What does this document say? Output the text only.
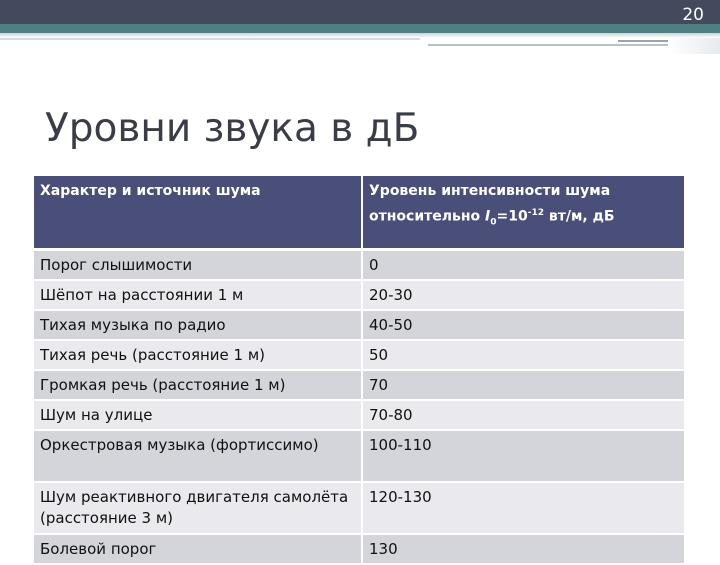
20
Уровни звука в дБ
Характер и источник шума	Уровень интенсивности шума относительно $I_0=10^{-12}$ вт/м, дБ
Порог слышимости	0
Шёпот на расстоянии 1 м	20-30
Тихая музыка по радио	40-50
Тихая речь (расстояние 1 м)	50
Громкая речь (расстояние 1 м)	70
Шум на улице	70-80
Оркестровая музыка (фортиссимо)	100-110
Шум реактивного двигателя самолёта (расстояние 3 м)	120-130
Болевой порог	130
